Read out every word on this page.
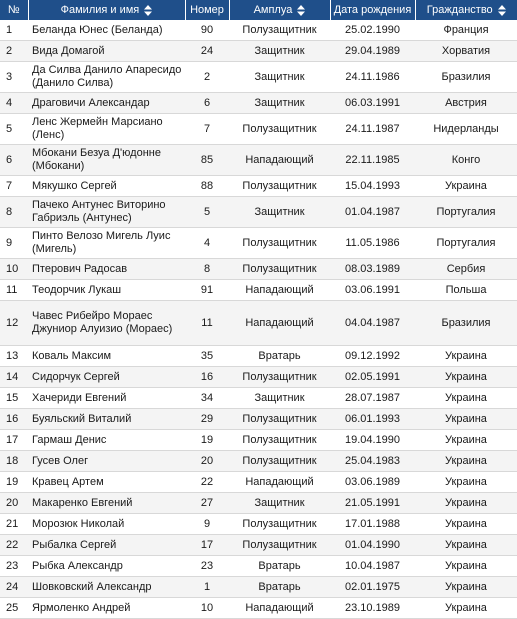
№	Фамилия и имя	Номер	Амплуа	Дата рождения	Гражданство
1	Беланда Юнес (Беланда)	90	Полузащитник	25.02.1990	Франция
2	Вида Домагой	24	Защитник	29.04.1989	Хорватия
3	Да Силва Данило Апаресидо (Данило Силва)	2	Защитник	24.11.1986	Бразилия
4	Драговичи Александар	6	Защитник	06.03.1991	Австрия
5	Ленс Жермейн Марсиано (Ленс)	7	Полузащитник	24.11.1987	Нидерланды
6	Мбокани Безуа Д'юдонне (Мбокани)	85	Нападающий	22.11.1985	Конго
7	Мякушко Сергей	88	Полузащитник	15.04.1993	Украина
8	Пачеко Антунес Виторино Габриэль (Антунес)	5	Защитник	01.04.1987	Португалия
9	Пинто Велозо Мигель Луис (Мигель)	4	Полузащитник	11.05.1986	Португалия
10	Птерович Радосав	8	Полузащитник	08.03.1989	Сербия
11	Теодорчик Лукаш	91	Нападающий	03.06.1991	Польша
12	Чавес Рибейро Мораес Джуниор Алуизио (Мораес)	11	Нападающий	04.04.1987	Бразилия
13	Коваль Максим	35	Вратарь	09.12.1992	Украина
14	Сидорчук Сергей	16	Полузащитник	02.05.1991	Украина
15	Хачериди Евгений	34	Защитник	28.07.1987	Украина
16	Буяльский Виталий	29	Полузащитник	06.01.1993	Украина
17	Гармаш Денис	19	Полузащитник	19.04.1990	Украина
18	Гусев Олег	20	Полузащитник	25.04.1983	Украина
19	Кравец Артем	22	Нападающий	03.06.1989	Украина
20	Макаренко Евгений	27	Защитник	21.05.1991	Украина
21	Морозюк Николай	9	Полузащитник	17.01.1988	Украина
22	Рыбалка Сергей	17	Полузащитник	01.04.1990	Украина
23	Рыбка Александр	23	Вратарь	10.04.1987	Украина
24	Шовковский Александр	1	Вратарь	02.01.1975	Украина
25	Ярмоленко Андрей	10	Нападающий	23.10.1989	Украина
